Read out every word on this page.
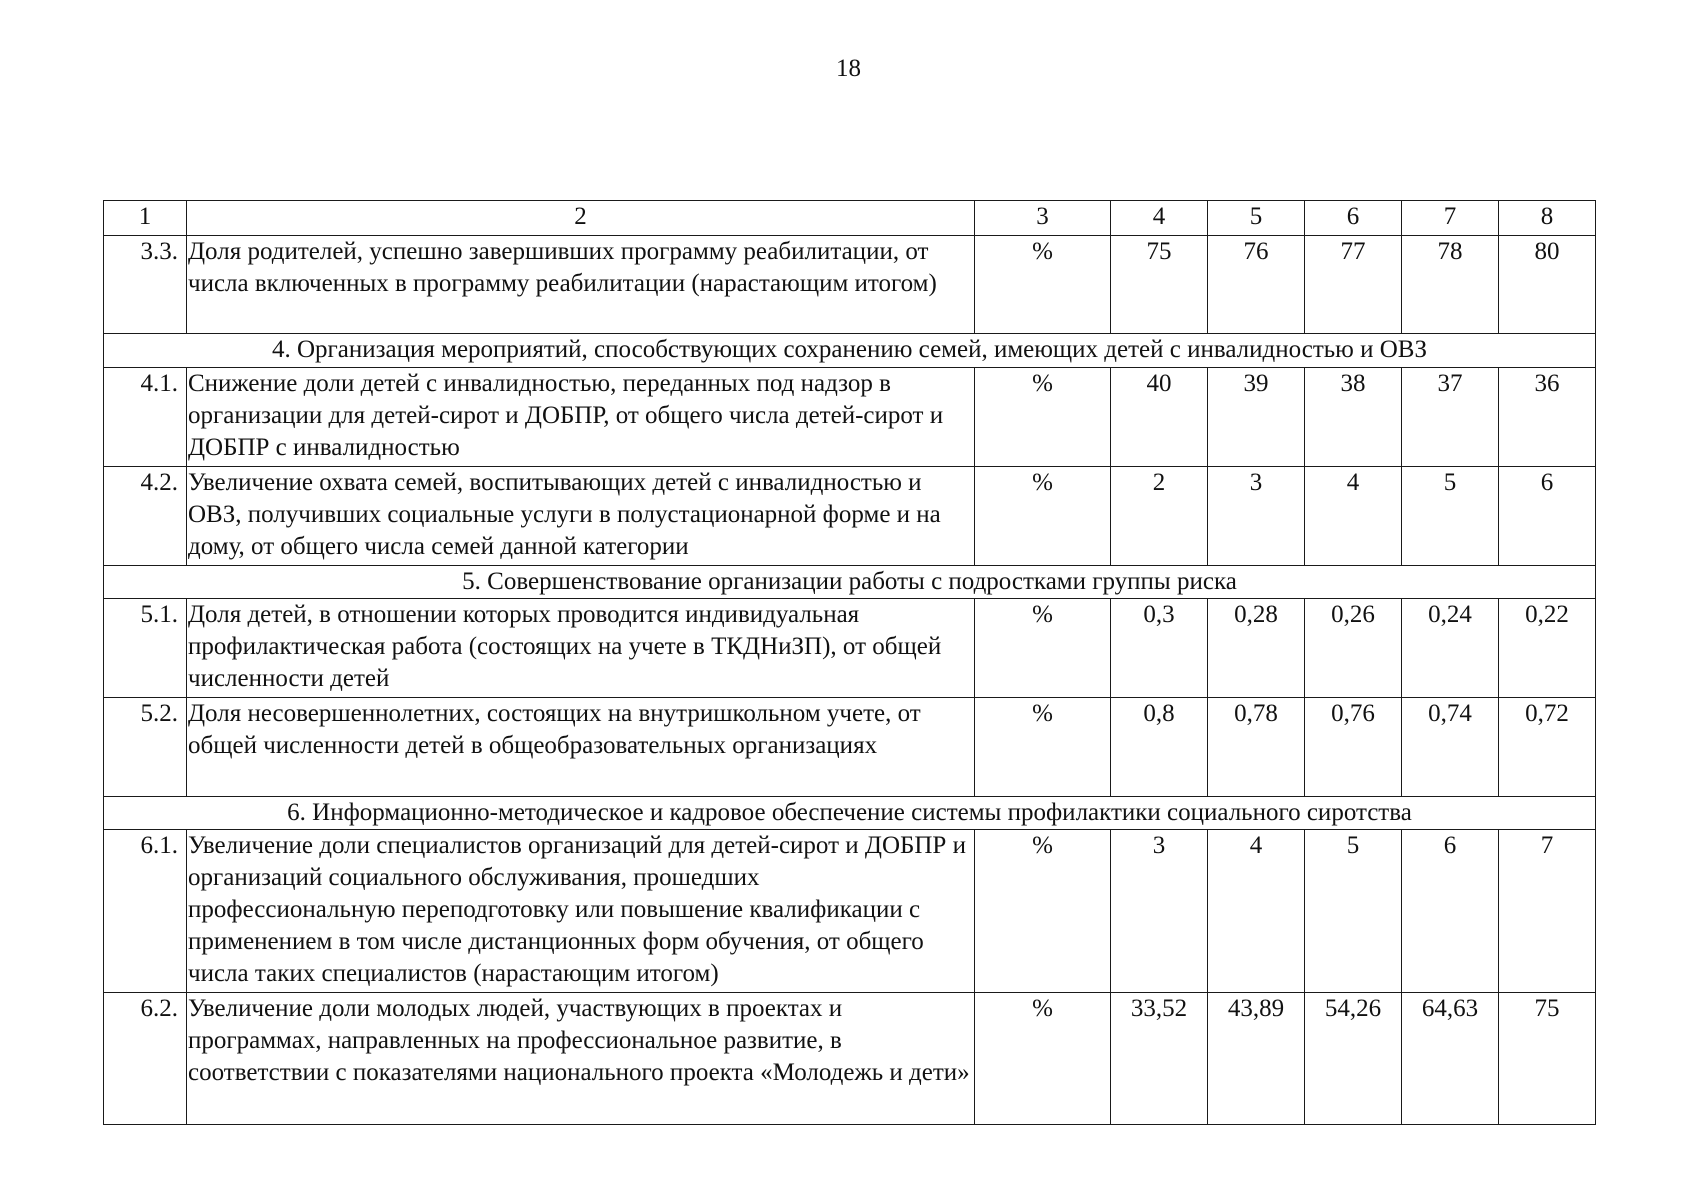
18
1	2	3	4	5	6	7	8
3.3.	Доля родителей, успешно завершивших программу реабилитации, от числа включенных в программу реабилитации (нарастающим итогом)	%	75	76	77	78	80
4. Организация мероприятий, способствующих сохранению семей, имеющих детей с инвалидностью и ОВЗ							
4.1.	Снижение доли детей с инвалидностью, переданных под надзор в организации для детей-сирот и ДОБПР, от общего числа детей-сирот и ДОБПР с инвалидностью	%	40	39	38	37	36
4.2.	Увеличение охвата семей, воспитывающих детей с инвалидностью и ОВЗ, получивших социальные услуги в полустационарной форме и на дому, от общего числа семей данной категории	%	2	3	4	5	6
5. Совершенствование организации работы с подростками группы риска							
5.1.	Доля детей, в отношении которых проводится индивидуальная профилактическая работа (состоящих на учете в ТКДНиЗП), от общей численности детей	%	0,3	0,28	0,26	0,24	0,22
5.2.	Доля несовершеннолетних, состоящих на внутришкольном учете, от общей численности детей в общеобразовательных организациях	%	0,8	0,78	0,76	0,74	0,72
6. Информационно-методическое и кадровое обеспечение системы профилактики социального сиротства							
6.1.	Увеличение доли специалистов организаций для детей-сирот и ДОБПР и организаций социального обслуживания, прошедших профессиональную переподготовку или повышение квалификации с применением в том числе дистанционных форм обучения, от общего числа таких специалистов (нарастающим итогом)	%	3	4	5	6	7
6.2.	Увеличение доли молодых людей, участвующих в проектах и программах, направленных на профессиональное развитие, в соответствии с показателями национального проекта «Молодежь и дети»	%	33,52	43,89	54,26	64,63	75
